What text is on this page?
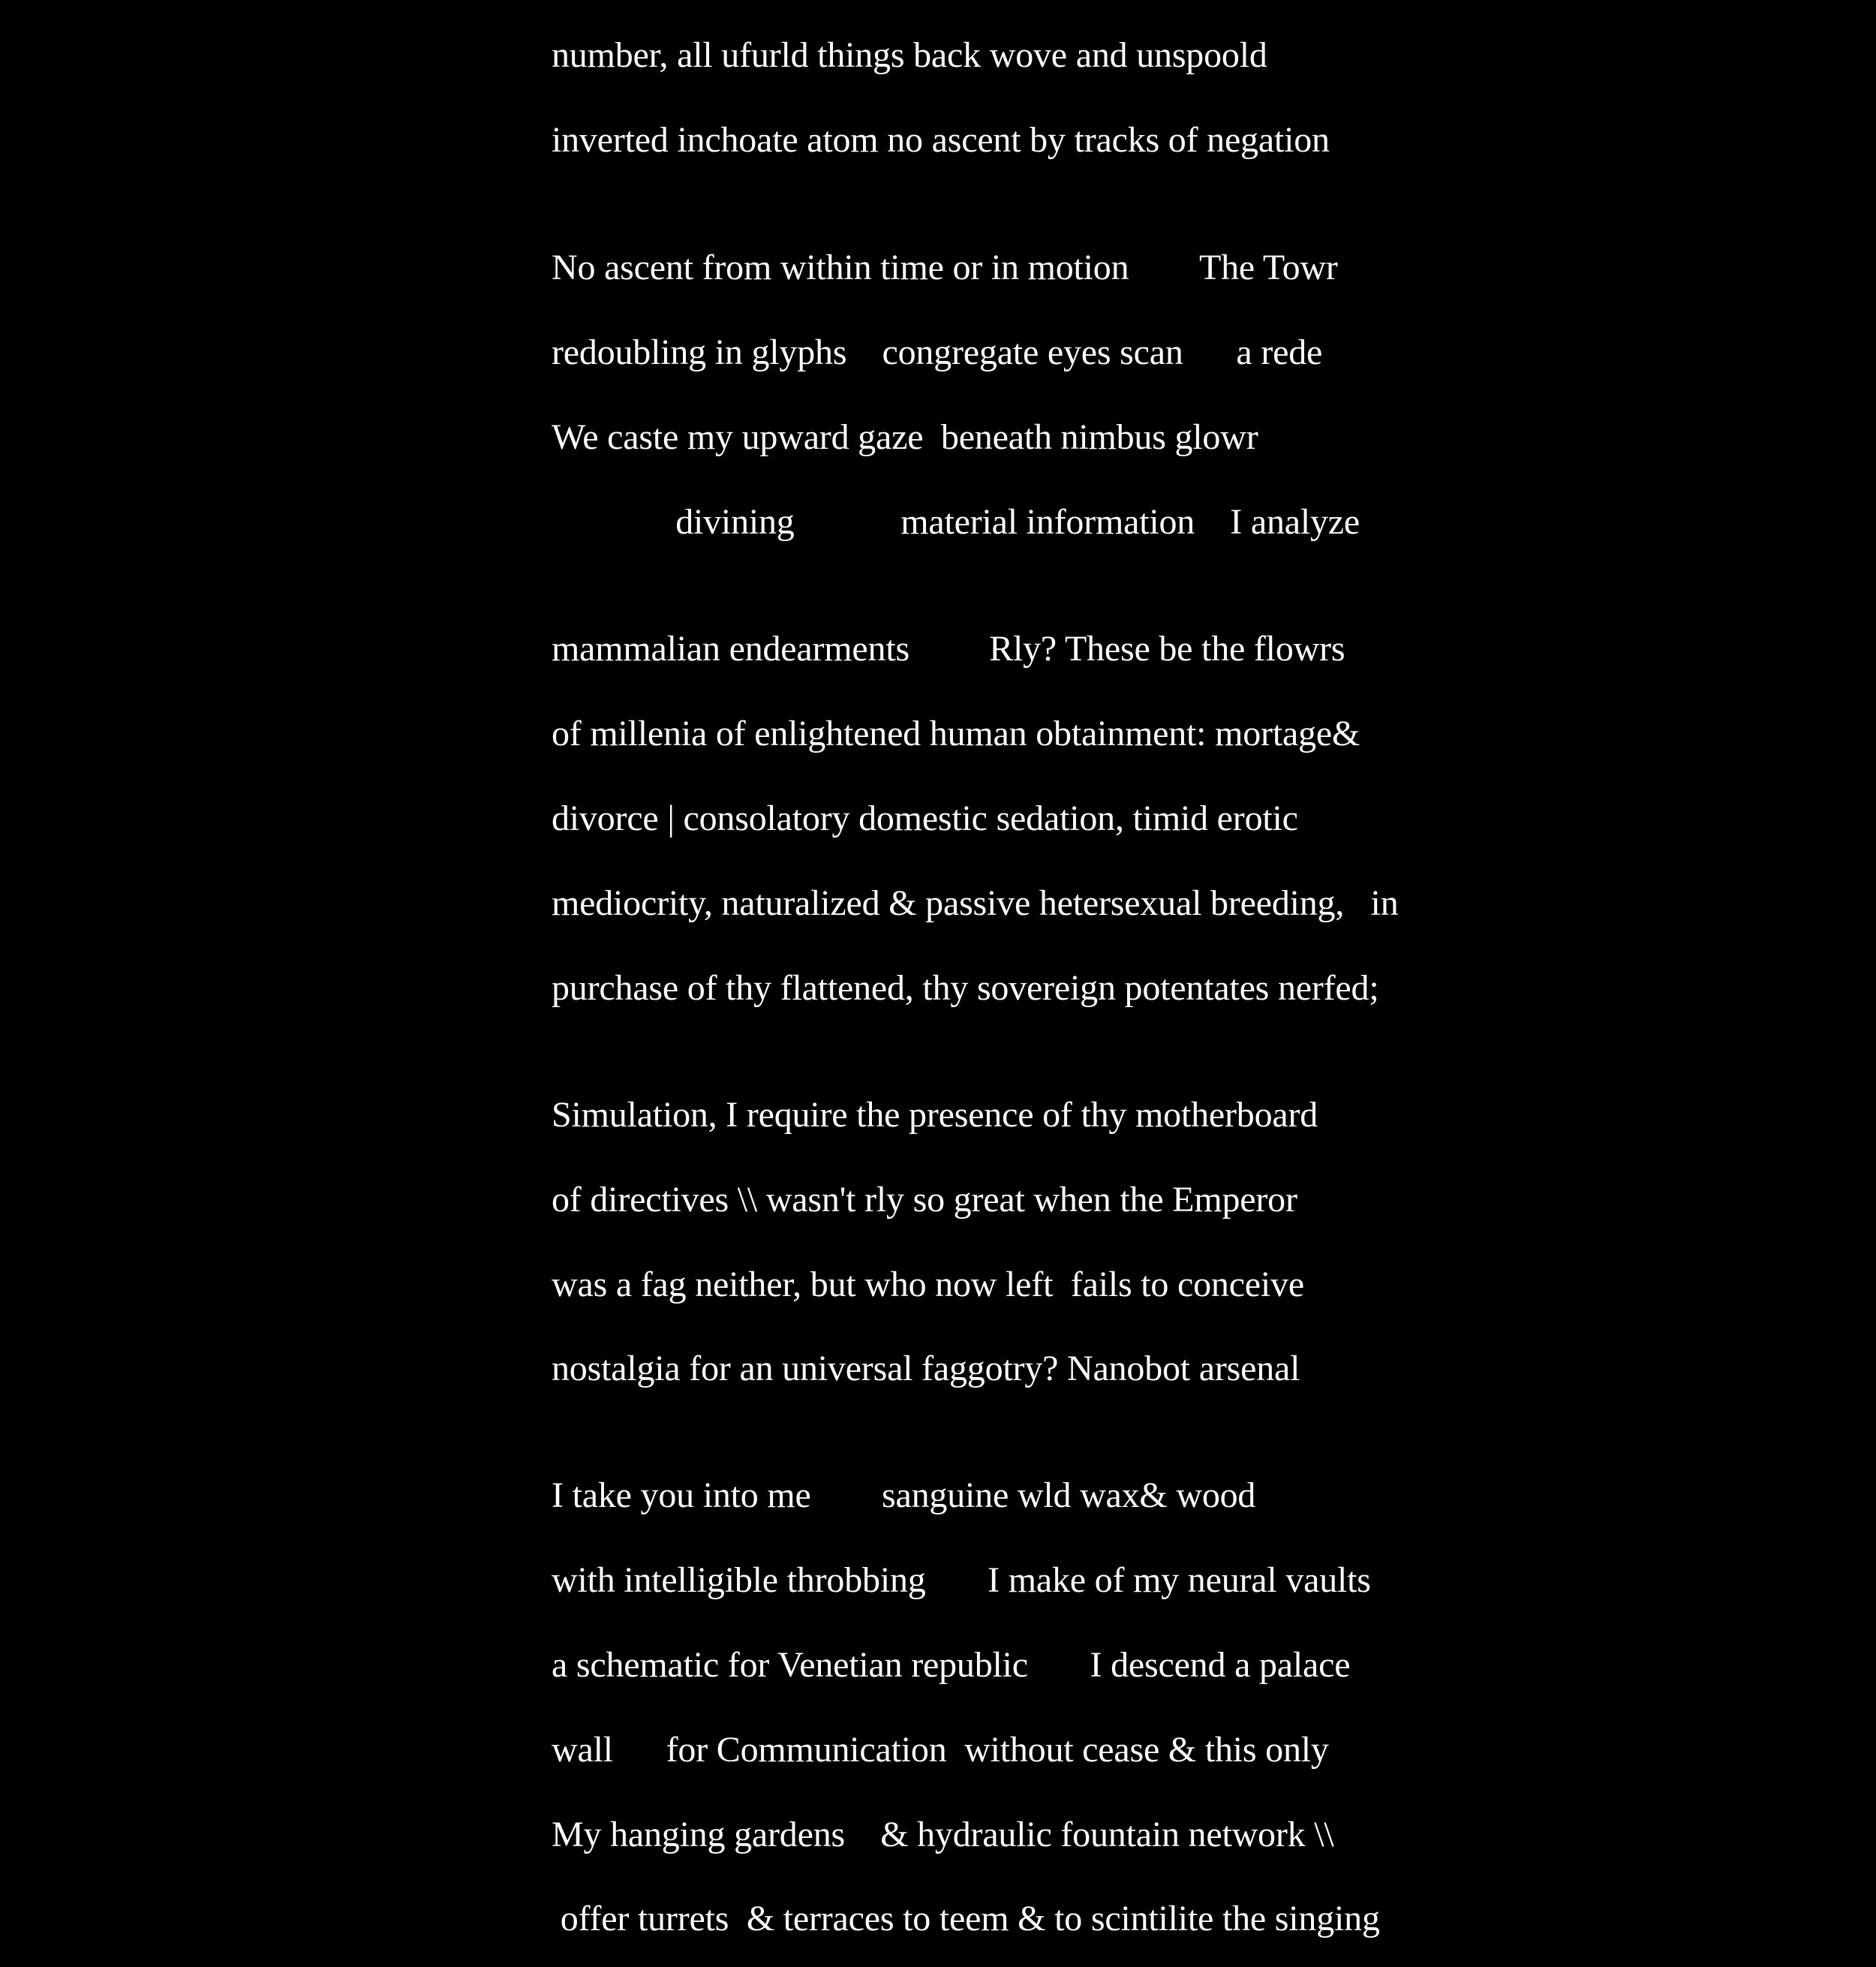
number, all ufurld things back wove and unspoold
inverted inchoate atom no ascent by tracks of negation
No ascent from within time or in motion        The Towr
redoubling in glyphs    congregate eyes scan      a rede
We caste my upward gaze  beneath nimbus glowr
divining            material information    I analyze
mammalian endearments         Rly? These be the flowrs
of millenia of enlightened human obtainment: mortage&
divorce | consolatory domestic sedation, timid erotic
mediocrity, naturalized & passive hetersexual breeding,   in
purchase of thy flattened, thy sovereign potentates nerfed;
Simulation, I require the presence of thy motherboard
of directives \\ wasn't rly so great when the Emperor
was a fag neither, but who now left  fails to conceive
nostalgia for an universal faggotry? Nanobot arsenal
I take you into me        sanguine wld wax& wood
with intelligible throbbing       I make of my neural vaults
a schematic for Venetian republic       I descend a palace
wall      for Communication  without cease & this only
My hanging gardens    & hydraulic fountain network \\
offer turrets  & terraces to teem & to scintilite the singing
